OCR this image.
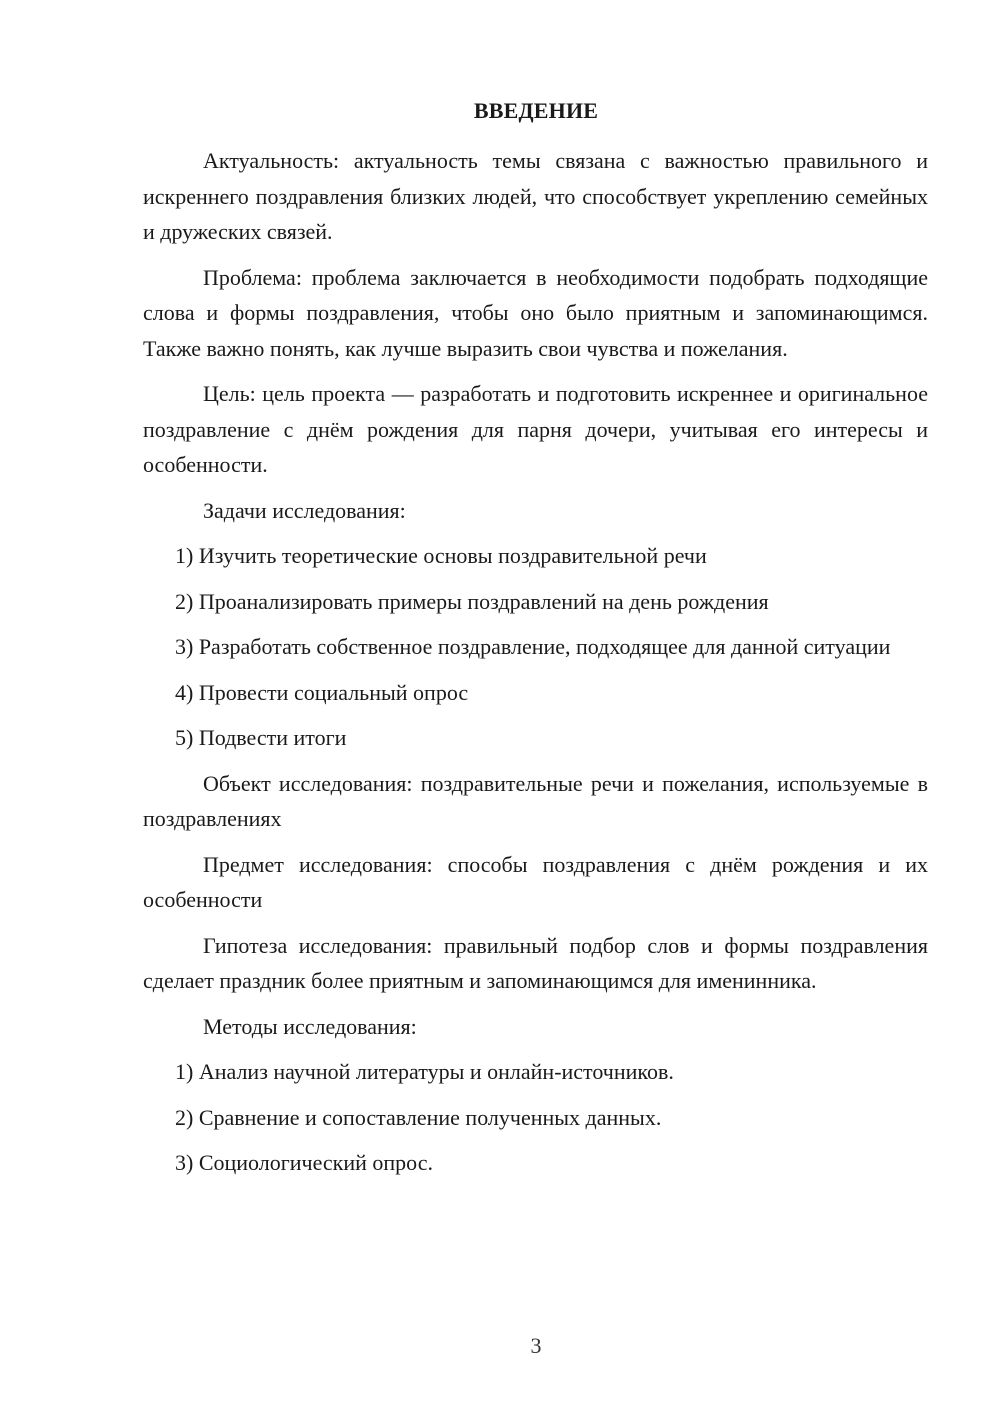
ВВЕДЕНИЕ

Актуальность: актуальность темы связана с важностью правильного и искреннего поздравления близких людей, что способствует укреплению семейных и дружеских связей.

Проблема: проблема заключается в необходимости подобрать подходящие слова и формы поздравления, чтобы оно было приятным и запоминающимся. Также важно понять, как лучше выразить свои чувства и пожелания.

Цель: цель проекта — разработать и подготовить искреннее и оригинальное поздравление с днём рождения для парня дочери, учитывая его интересы и особенности.

Задачи исследования:

1) Изучить теоретические основы поздравительной речи

2) Проанализировать примеры поздравлений на день рождения

3) Разработать собственное поздравление, подходящее для данной ситуации

4) Провести социальный опрос

5) Подвести итоги

Объект исследования: поздравительные речи и пожелания, используемые в поздравлениях

Предмет исследования: способы поздравления с днём рождения и их особенности

Гипотеза исследования: правильный подбор слов и формы поздравления сделает праздник более приятным и запоминающимся для именинника.

Методы исследования:

1) Анализ научной литературы и онлайн-источников.

2) Сравнение и сопоставление полученных данных.

3) Социологический опрос.

3
